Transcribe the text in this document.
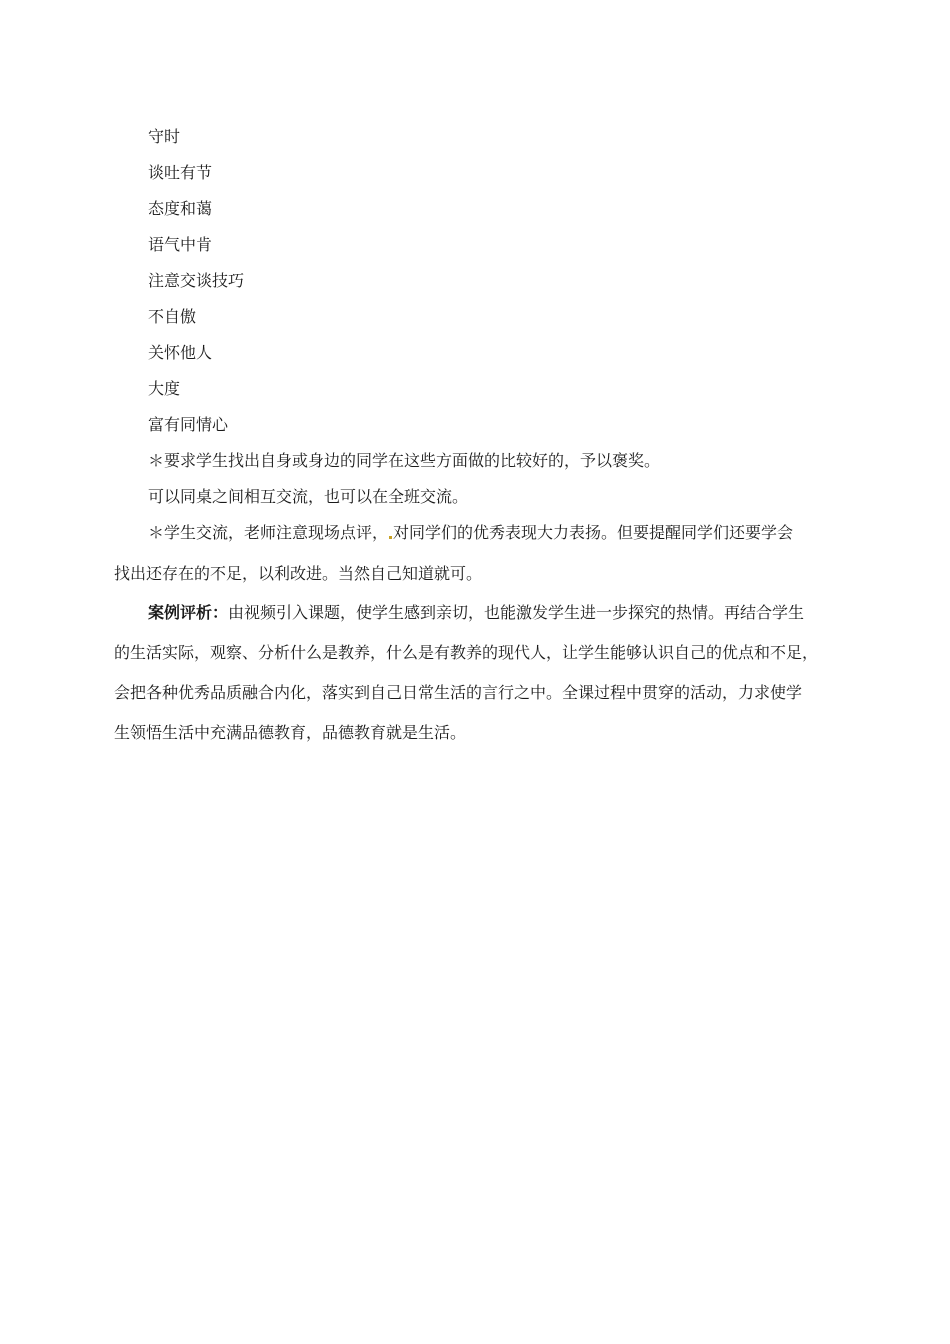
守时
谈吐有节
态度和蔼
语气中肯
注意交谈技巧
不自傲
关怀他人
大度
富有同情心
＊要求学生找出自身或身边的同学在这些方面做的比较好的，予以褒奖。
可以同桌之间相互交流，也可以在全班交流。
＊学生交流，老师注意现场点评， 对同学们的优秀表现大力表扬。但要提醒同学们还要学会
找出还存在的不足，以利改进。当然自己知道就可。
案例评析：由视频引入课题，使学生感到亲切，也能激发学生进一步探究的热情。再结合学生
的生活实际，观察、分析什么是教养，什么是有教养的现代人，让学生能够认识自己的优点和不足，
会把各种优秀品质融合内化，落实到自己日常生活的言行之中。全课过程中贯穿的活动，力求使学
生领悟生活中充满品德教育，品德教育就是生活。
